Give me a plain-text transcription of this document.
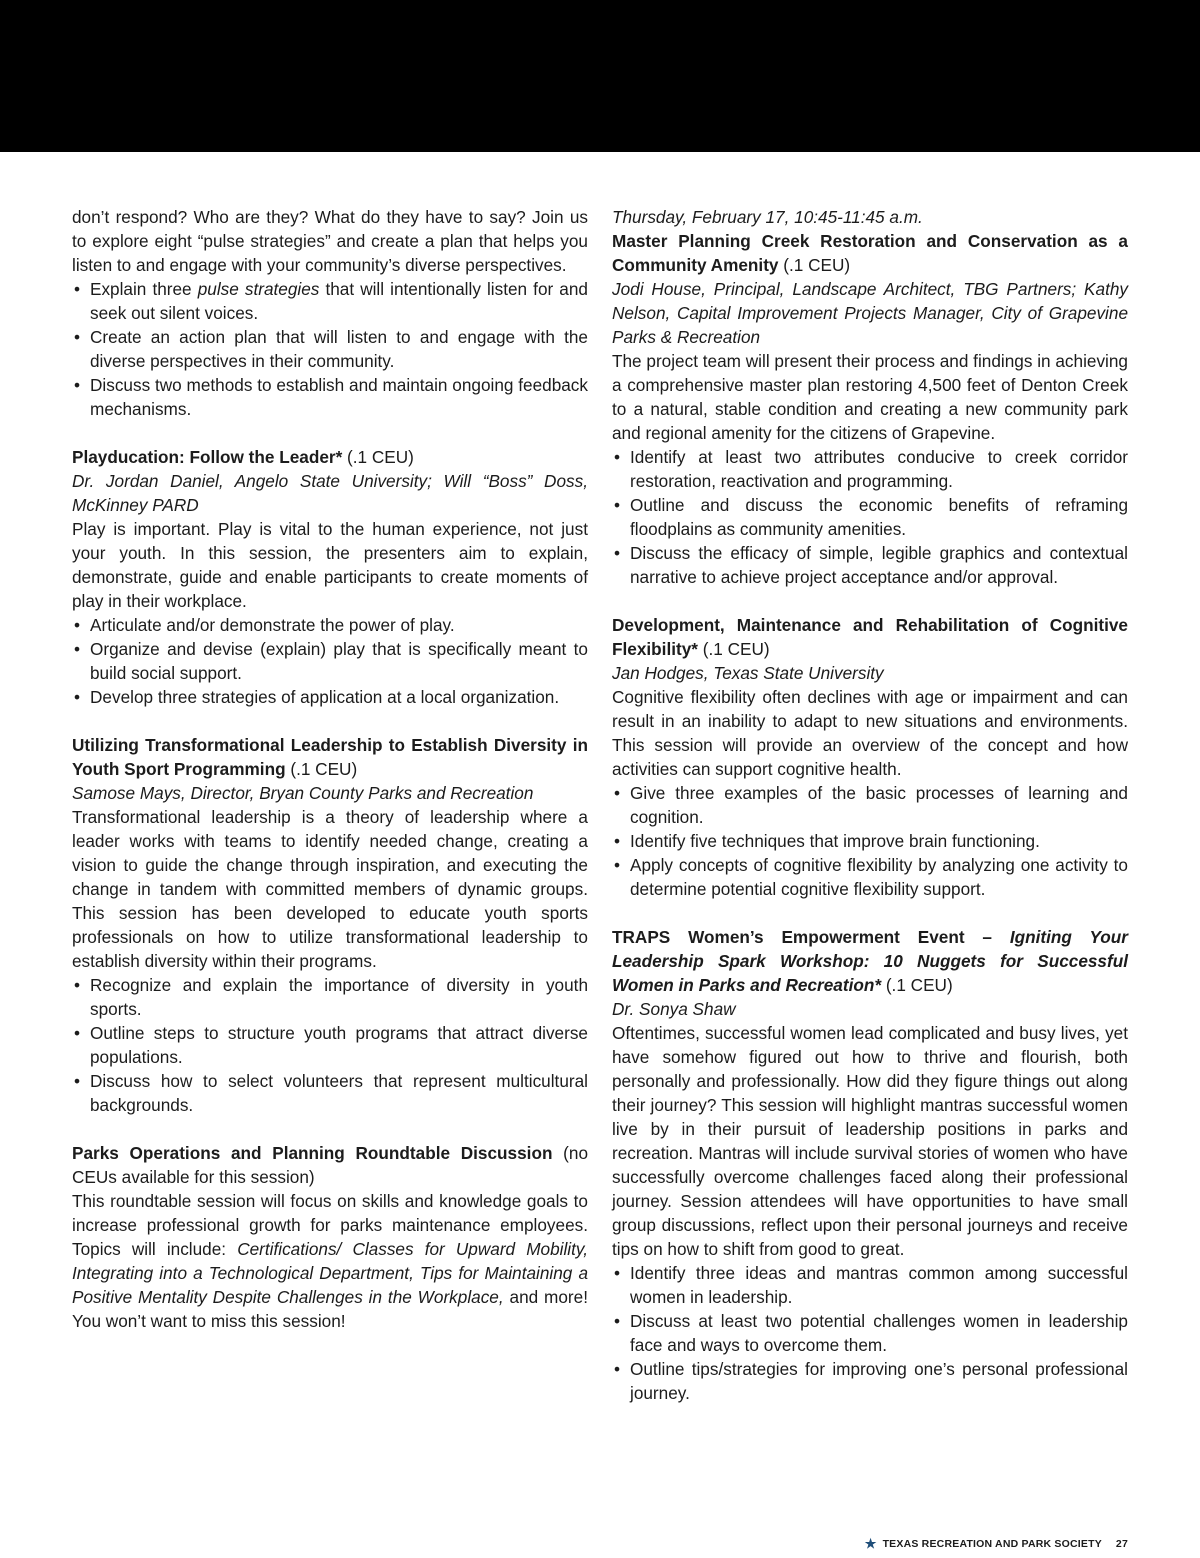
don’t respond? Who are they? What do they have to say? Join us to explore eight “pulse strategies” and create a plan that helps you listen to and engage with your community’s diverse perspectives.

• Explain three pulse strategies that will intentionally listen for and seek out silent voices.
• Create an action plan that will listen to and engage with the diverse perspectives in their community.
• Discuss two methods to establish and maintain ongoing feedback mechanisms.

Playducation: Follow the Leader* (.1 CEU)

Dr. Jordan Daniel, Angelo State University; Will “Boss” Doss, McKinney PARD

Play is important. Play is vital to the human experience, not just your youth. In this session, the presenters aim to explain, demonstrate, guide and enable participants to create moments of play in their workplace.

• Articulate and/or demonstrate the power of play.
• Organize and devise (explain) play that is specifically meant to build social support.
• Develop three strategies of application at a local organization.

Utilizing Transformational Leadership to Establish Diversity in Youth Sport Programming (.1 CEU)

Samose Mays, Director, Bryan County Parks and Recreation

Transformational leadership is a theory of leadership where a leader works with teams to identify needed change, creating a vision to guide the change through inspiration, and executing the change in tandem with committed members of dynamic groups. This session has been developed to educate youth sports professionals on how to utilize transformational leadership to establish diversity within their programs.

• Recognize and explain the importance of diversity in youth sports.
• Outline steps to structure youth programs that attract diverse populations.
• Discuss how to select volunteers that represent multicultural backgrounds.

Parks Operations and Planning Roundtable Discussion (no CEUs available for this session)

This roundtable session will focus on skills and knowledge goals to increase professional growth for parks maintenance employees. Topics will include: Certifications/ Classes for Upward Mobility, Integrating into a Technological Department, Tips for Maintaining a Positive Mentality Despite Challenges in the Workplace, and more! You won’t want to miss this session!

Thursday, February 17, 10:45-11:45 a.m.

Master Planning Creek Restoration and Conservation as a Community Amenity (.1 CEU)

Jodi House, Principal, Landscape Architect, TBG Partners; Kathy Nelson, Capital Improvement Projects Manager, City of Grapevine Parks & Recreation

The project team will present their process and findings in achieving a comprehensive master plan restoring 4,500 feet of Denton Creek to a natural, stable condition and creating a new community park and regional amenity for the citizens of Grapevine.

• Identify at least two attributes conducive to creek corridor restoration, reactivation and programming.
• Outline and discuss the economic benefits of reframing floodplains as community amenities.
• Discuss the efficacy of simple, legible graphics and contextual narrative to achieve project acceptance and/or approval.

Development, Maintenance and Rehabilitation of Cognitive Flexibility* (.1 CEU)

Jan Hodges, Texas State University

Cognitive flexibility often declines with age or impairment and can result in an inability to adapt to new situations and environments. This session will provide an overview of the concept and how activities can support cognitive health.

• Give three examples of the basic processes of learning and cognition.
• Identify five techniques that improve brain functioning.
• Apply concepts of cognitive flexibility by analyzing one activity to determine potential cognitive flexibility support.

TRAPS Women’s Empowerment Event – Igniting Your Leadership Spark Workshop: 10 Nuggets for Successful Women in Parks and Recreation* (.1 CEU)

Dr. Sonya Shaw

Oftentimes, successful women lead complicated and busy lives, yet have somehow figured out how to thrive and flourish, both personally and professionally. How did they figure things out along their journey? This session will highlight mantras successful women live by in their pursuit of leadership positions in parks and recreation. Mantras will include survival stories of women who have successfully overcome challenges faced along their professional journey. Session attendees will have opportunities to have small group discussions, reflect upon their personal journeys and receive tips on how to shift from good to great.

• Identify three ideas and mantras common among successful women in leadership.
• Discuss at least two potential challenges women in leadership face and ways to overcome them.
• Outline tips/strategies for improving one’s personal professional journey.
★ TEXAS RECREATION AND PARK SOCIETY 27
